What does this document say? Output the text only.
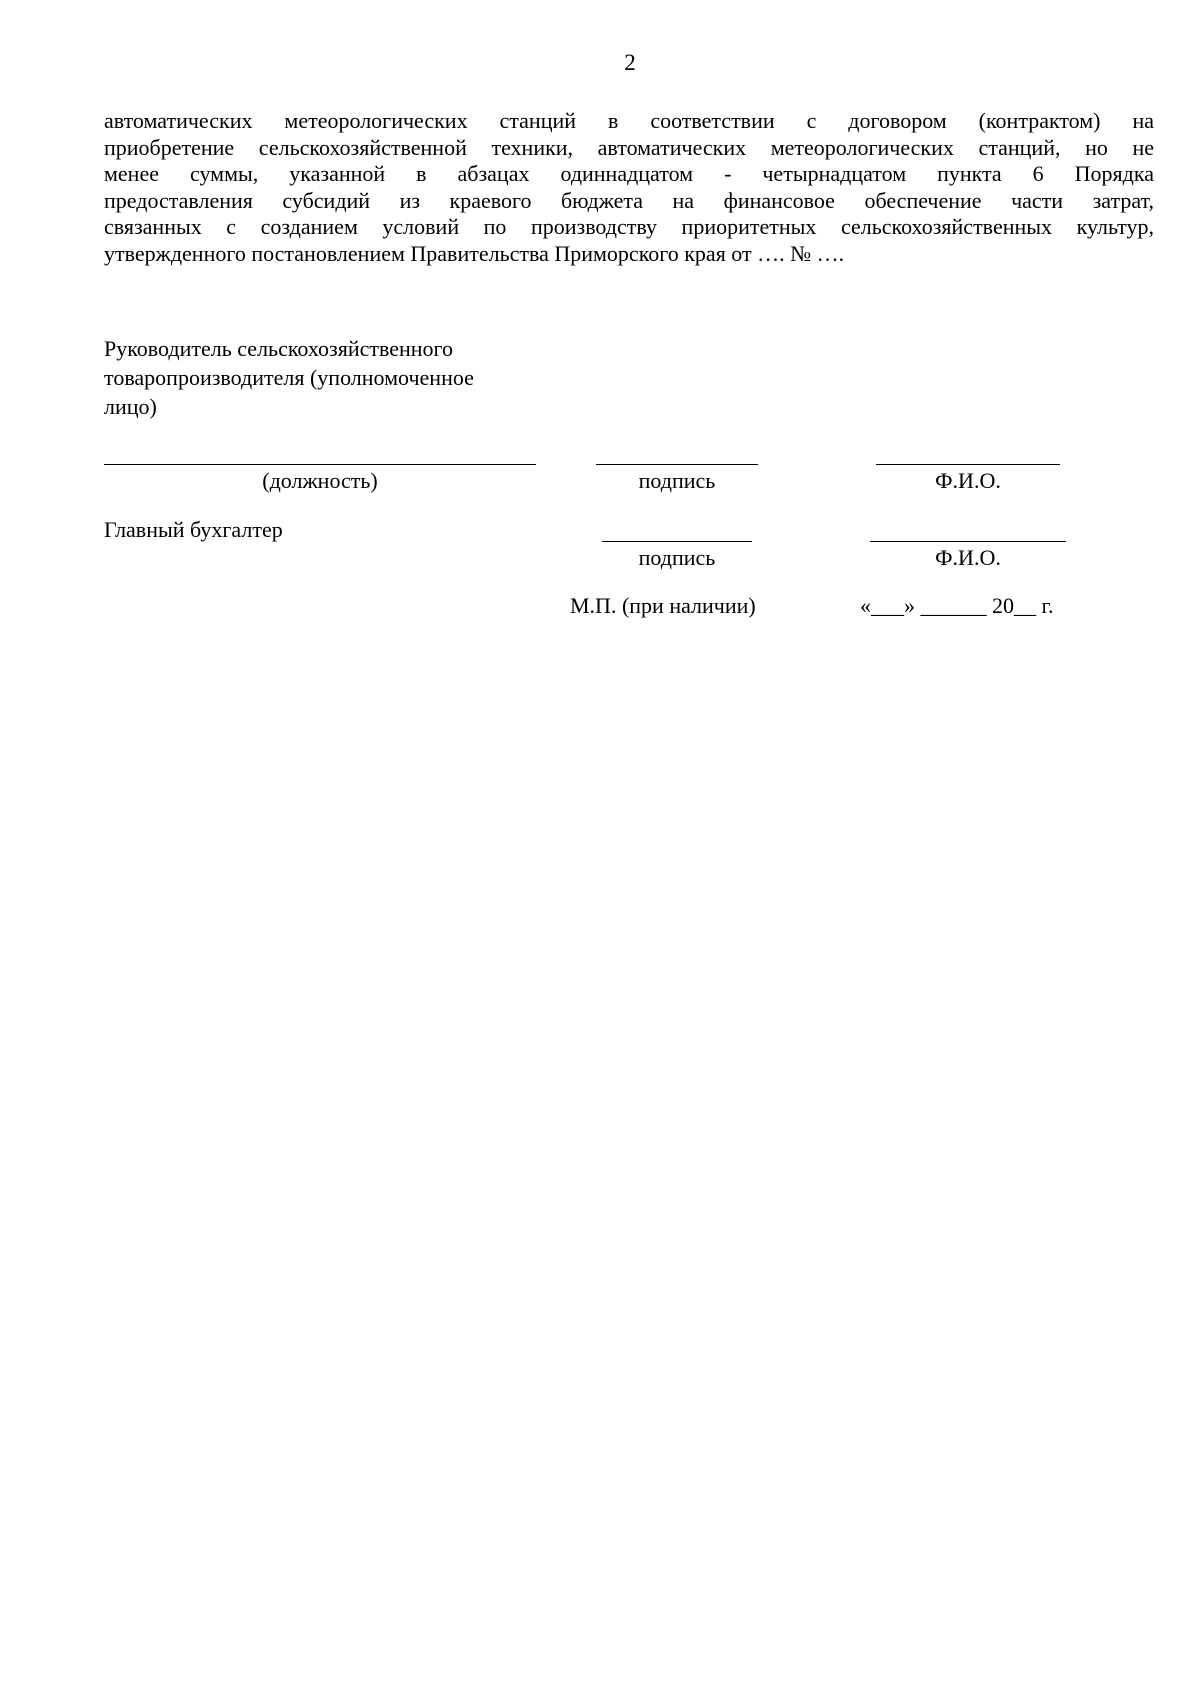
2
автоматических метеорологических станций в соответствии с договором (контрактом) на
приобретение сельскохозяйственной техники, автоматических метеорологических станций, но не
менее суммы, указанной в абзацах одиннадцатом - четырнадцатом пункта 6 Порядка
предоставления субсидий из краевого бюджета на финансовое обеспечение части затрат,
связанных с созданием условий по производству приоритетных сельскохозяйственных культур,
утвержденного постановлением Правительства Приморского края от …. № ….
Руководитель сельскохозяйственного
товаропроизводителя (уполномоченное
лицо)
(должность)	подпись	Ф.И.О.
Главный бухгалтер
подпись	Ф.И.О.
М.П. (при наличии)	«___» ______ 20__ г.
